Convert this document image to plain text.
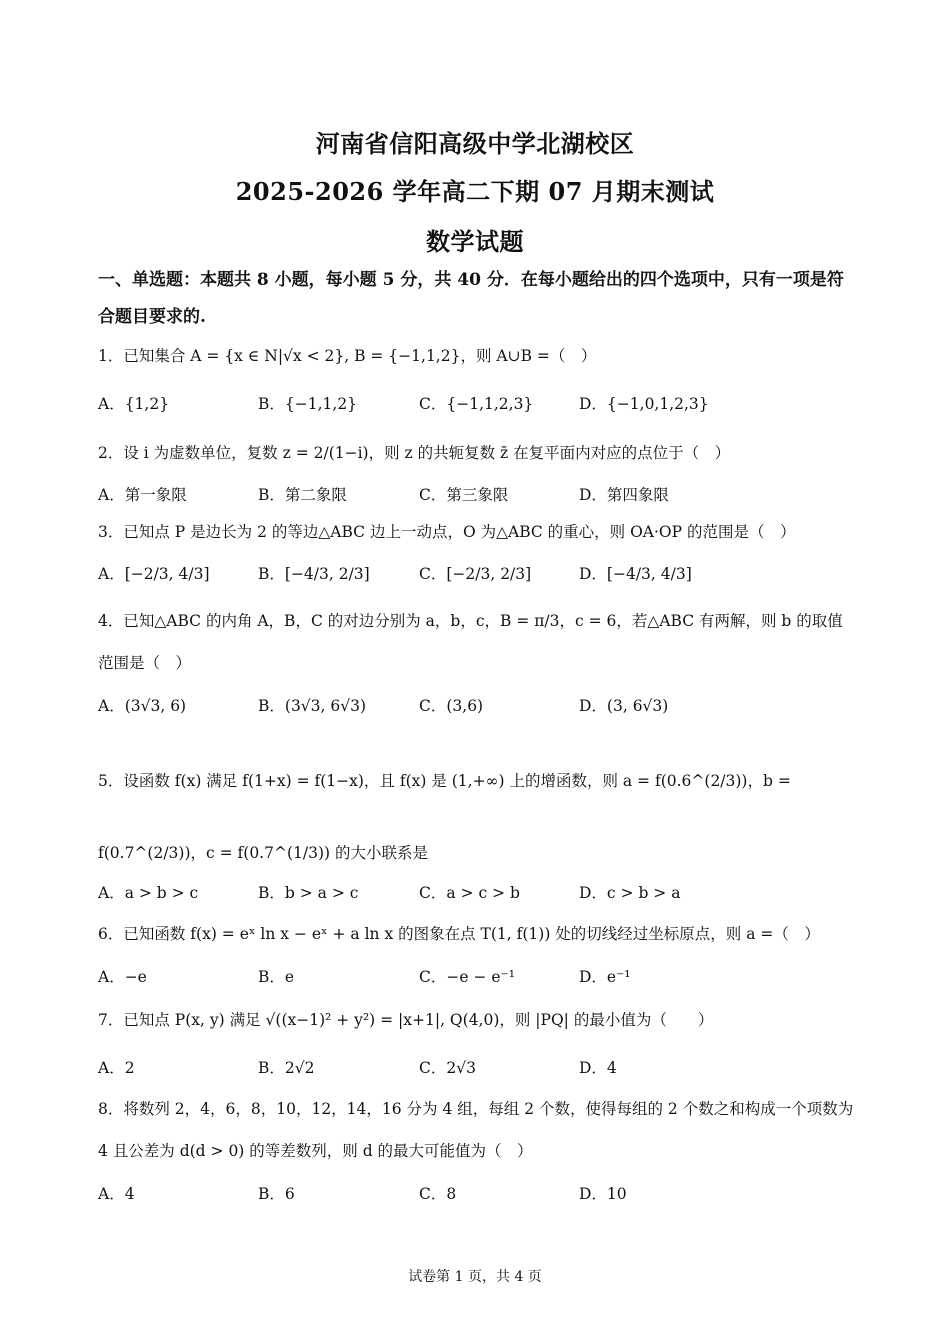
河南省信阳高级中学北湖校区
2025-2026 学年高二下期 07 月期末测试
数学试题
一、单选题：本题共 8 小题，每小题 5 分，共 40 分．在每小题给出的四个选项中，只有一项是符合题目要求的.
1．已知集合 A = {x ∈ N|√x < 2}, B = {−1,1,2}，则 A∪B =（　）
A．{1,2}	B．{−1,1,2}	C．{−1,1,2,3}	D．{−1,0,1,2,3}
2．设 i 为虚数单位，复数 z = 2/(1−i)，则 z 的共轭复数 z̄ 在复平面内对应的点位于（　）
A．第一象限	B．第二象限	C．第三象限	D．第四象限
3．已知点 P 是边长为 2 的等边△ABC 边上一动点，O 为△ABC 的重心，则 OA·OP 的范围是（　）
A．[−2/3, 4/3]	B．[−4/3, 2/3]	C．[−2/3, 2/3]	D．[−4/3, 4/3]
4．已知△ABC 的内角 A，B，C 的对边分别为 a，b，c，B = π/3，c = 6，若△ABC 有两解，则 b 的取值范围是（　）
A．(3√3, 6)	B．(3√3, 6√3)	C．(3,6)	D．(3, 6√3)
5．设函数 f(x) 满足 f(1+x) = f(1−x)，且 f(x) 是 (1,+∞) 上的增函数，则 a = f(0.6^(2/3))，b = f(0.7^(2/3))，c = f(0.7^(1/3)) 的大小联系是
A．a > b > c	B．b > a > c	C．a > c > b	D．c > b > a
6．已知函数 f(x) = eˣ ln x − eˣ + a ln x 的图象在点 T(1, f(1)) 处的切线经过坐标原点，则 a =（　）
A．−e	B．e	C．−e − e⁻¹	D．e⁻¹
7．已知点 P(x, y) 满足 √((x−1)² + y²) = |x+1|, Q(4,0)，则 |PQ| 的最小值为（　　）
A．2	B．2√2	C．2√3	D．4
8．将数列 2，4，6，8，10，12，14，16 分为 4 组，每组 2 个数，使得每组的 2 个数之和构成一个项数为 4 且公差为 d(d > 0) 的等差数列，则 d 的最大可能值为（　）
A．4	B．6	C．8	D．10
试卷第 1 页，共 4 页
